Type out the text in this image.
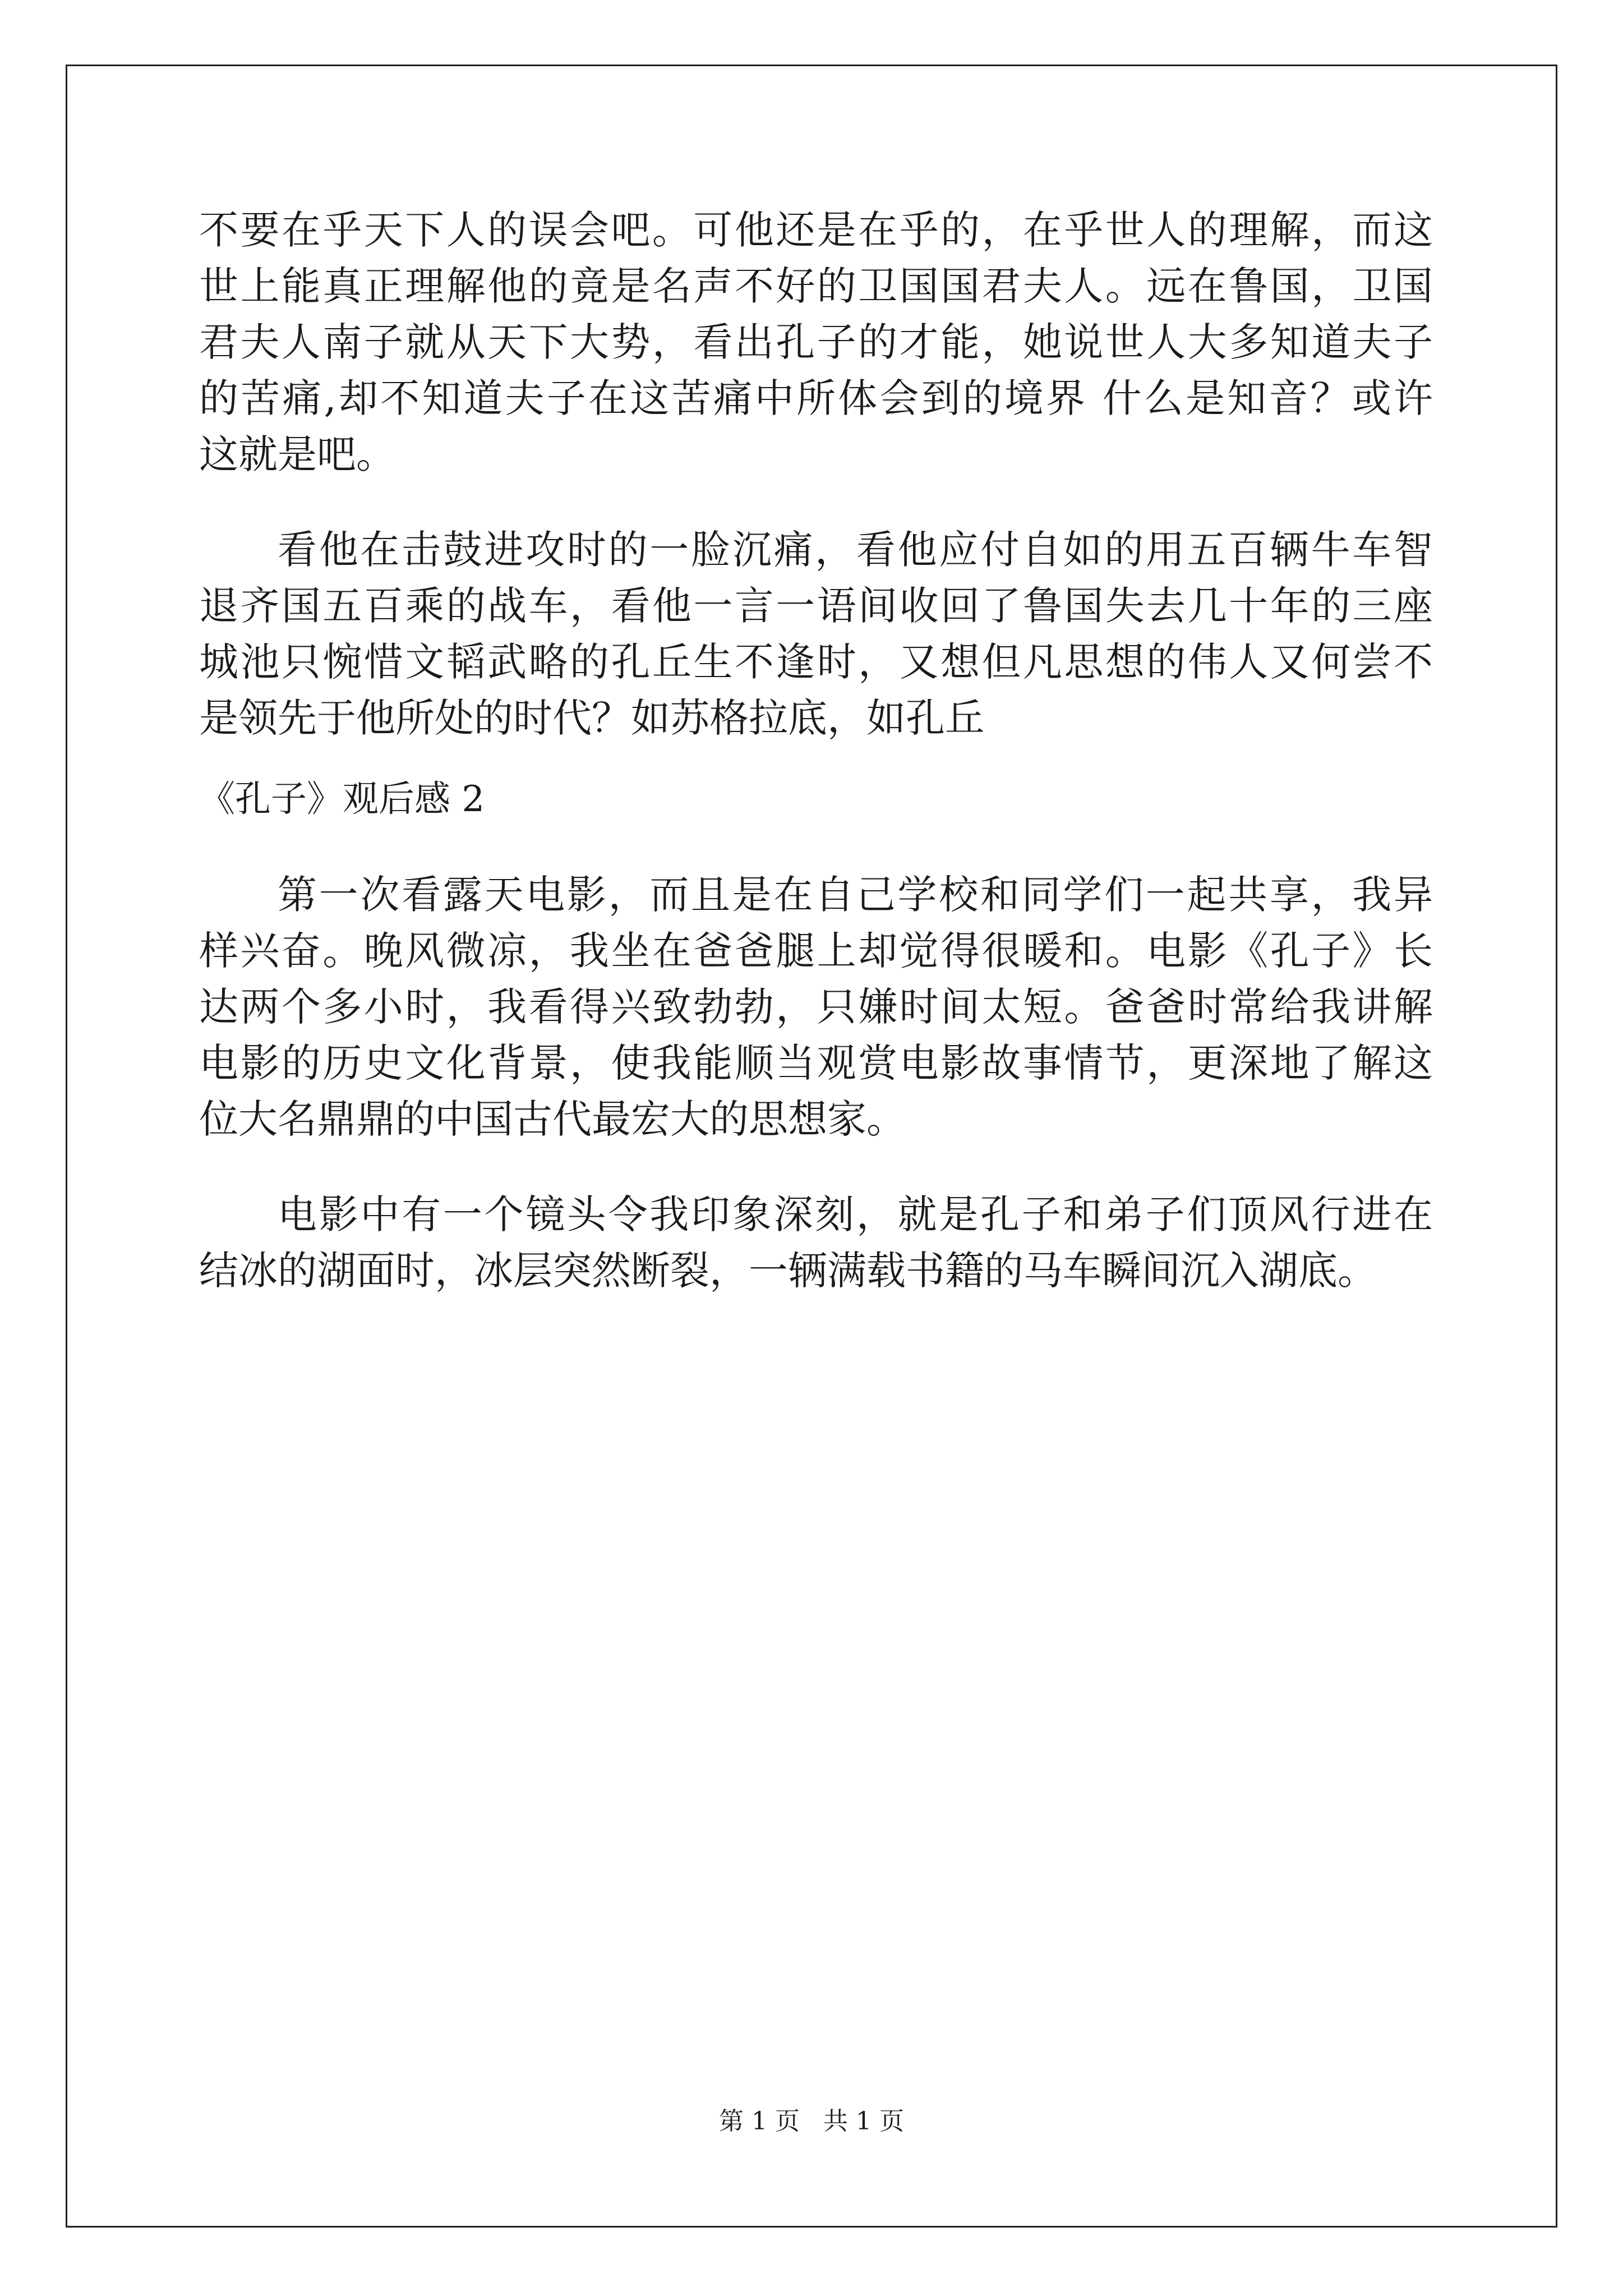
不要在乎天下人的误会吧。可他还是在乎的，在乎世人的理解，而这
世上能真正理解他的竟是名声不好的卫国国君夫人。远在鲁国，卫国
君夫人南子就从天下大势，看出孔子的才能，她说世人大多知道夫子
的苦痛,却不知道夫子在这苦痛中所体会到的境界 什么是知音？或许
这就是吧。
看他在击鼓进攻时的一脸沉痛，看他应付自如的用五百辆牛车智
退齐国五百乘的战车，看他一言一语间收回了鲁国失去几十年的三座
城池只惋惜文韬武略的孔丘生不逢时，又想但凡思想的伟人又何尝不
是领先于他所处的时代？如苏格拉底，如孔丘
《孔子》观后感 2
第一次看露天电影，而且是在自己学校和同学们一起共享，我异
样兴奋。晚风微凉，我坐在爸爸腿上却觉得很暖和。电影《孔子》长
达两个多小时，我看得兴致勃勃，只嫌时间太短。爸爸时常给我讲解
电影的历史文化背景，使我能顺当观赏电影故事情节，更深地了解这
位大名鼎鼎的中国古代最宏大的思想家。
电影中有一个镜头令我印象深刻，就是孔子和弟子们顶风行进在
结冰的湖面时，冰层突然断裂，一辆满载书籍的马车瞬间沉入湖底。
第 1 页   共 1 页
